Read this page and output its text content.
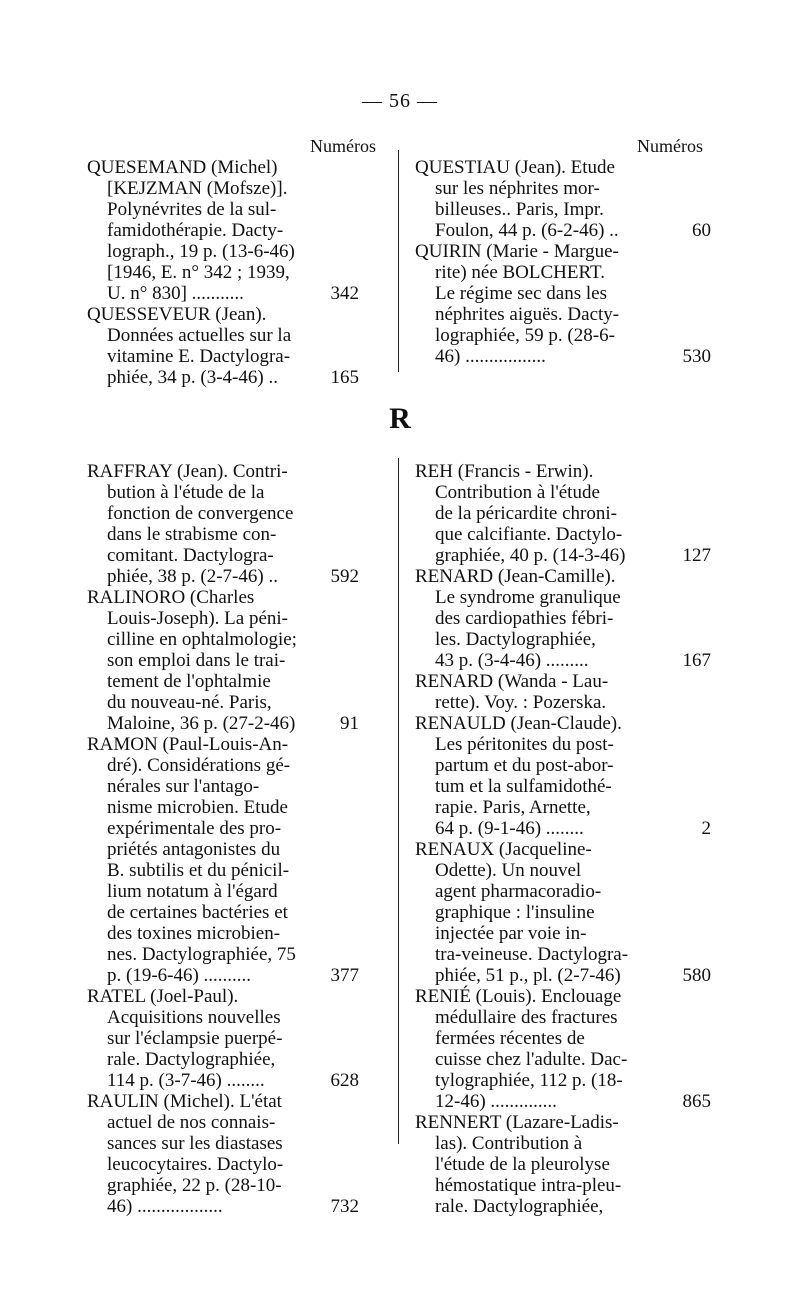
— 56 —
Numéros	Numéros
R
QUESEMAND (Michel)
[KEJZMAN (Mofsze)].
Polynévrites de la sul-
famidothérapie. Dacty-
lograph., 19 p. (13-6-46)
[1946, E. n° 342 ; 1939,
U. n° 830] ...........	342
QUESSEVEUR (Jean).
Données actuelles sur la
vitamine E. Dactylogra-
phiée, 34 p. (3-4-46) ..	165
QUESTIAU (Jean). Etude
sur les néphrites mor-
billeuses.. Paris, Impr.
Foulon, 44 p. (6-2-46) ..	60
QUIRIN (Marie - Margue-
rite) née BOLCHERT.
Le régime sec dans les
néphrites aiguës. Dacty-
lographiée, 59 p. (28-6-
46) .................	530
RAFFRAY (Jean). Contri-
bution à l'étude de la
fonction de convergence
dans le strabisme con-
comitant. Dactylogra-
phiée, 38 p. (2-7-46) ..	592
RALINORO (Charles
Louis-Joseph). La péni-
cilline en ophtalmologie;
son emploi dans le trai-
tement de l'ophtalmie
du nouveau-né. Paris,
Maloine, 36 p. (27-2-46)	91
RAMON (Paul-Louis-An-
dré). Considérations gé-
nérales sur l'antago-
nisme microbien. Etude
expérimentale des pro-
priétés antagonistes du
B. subtilis et du pénicil-
lium notatum à l'égard
de certaines bactéries et
des toxines microbien-
nes. Dactylographiée, 75
p. (19-6-46) ..........	377
RATEL (Joel-Paul).
Acquisitions nouvelles
sur l'éclampsie puerpé-
rale. Dactylographiée,
114 p. (3-7-46) ........	628
RAULIN (Michel). L'état
actuel de nos connais-
sances sur les diastases
leucocytaires. Dactylo-
graphiée, 22 p. (28-10-
46) ..................	732
REH (Francis - Erwin).
Contribution à l'étude
de la péricardite chroni-
que calcifiante. Dactylo-
graphiée, 40 p. (14-3-46)	127
RENARD (Jean-Camille).
Le syndrome granulique
des cardiopathies fébri-
les. Dactylographiée,
43 p. (3-4-46) .........	167
RENARD (Wanda - Lau-
rette). Voy. : Pozerska.
RENAULD (Jean-Claude).
Les péritonites du post-
partum et du post-abor-
tum et la sulfamidothé-
rapie. Paris, Arnette,
64 p. (9-1-46) ........	2
RENAUX (Jacqueline-
Odette). Un nouvel
agent pharmacoradio-
graphique : l'insuline
injectée par voie in-
tra-veineuse. Dactylogra-
phiée, 51 p., pl. (2-7-46)	580
RENIÉ (Louis). Enclouage
médullaire des fractures
fermées récentes de
cuisse chez l'adulte. Dac-
tylographiée, 112 p. (18-
12-46) ..............	865
RENNERT (Lazare-Ladis-
las). Contribution à
l'étude de la pleurolyse
hémostatique intra-pleu-
rale. Dactylographiée,
